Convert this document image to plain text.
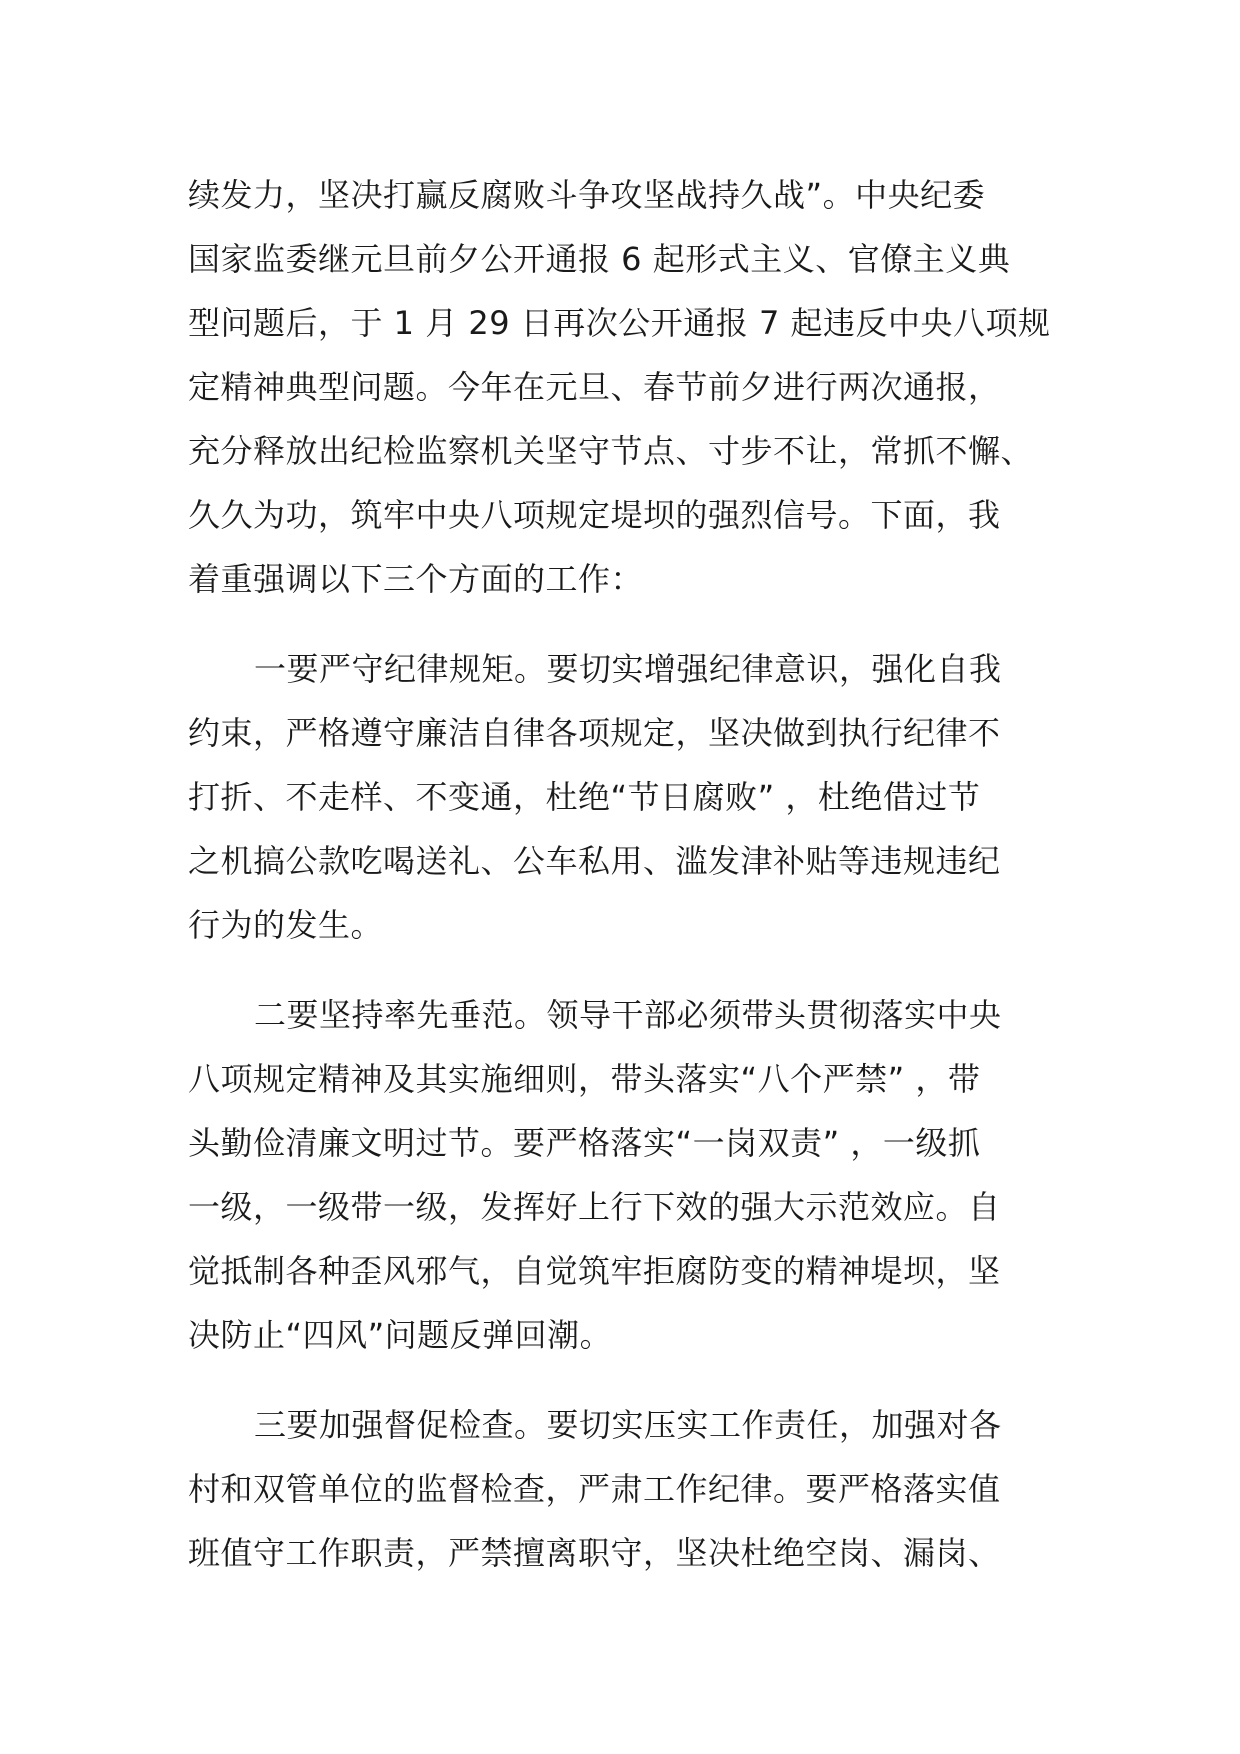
续发力，坚决打赢反腐败斗争攻坚战持久战”。中央纪委
国家监委继元旦前夕公开通报 6 起形式主义、官僚主义典
型问题后，于 1 月 29 日再次公开通报 7 起违反中央八项规
定精神典型问题。今年在元旦、春节前夕进行两次通报，
充分释放出纪检监察机关坚守节点、寸步不让，常抓不懈、
久久为功，筑牢中央八项规定堤坝的强烈信号。下面，我
着重强调以下三个方面的工作：
一要严守纪律规矩。要切实增强纪律意识，强化自我
约束，严格遵守廉洁自律各项规定，坚决做到执行纪律不
打折、不走样、不变通，杜绝“节日腐败” ，杜绝借过节
之机搞公款吃喝送礼、公车私用、滥发津补贴等违规违纪
行为的发生。
二要坚持率先垂范。领导干部必须带头贯彻落实中央
八项规定精神及其实施细则，带头落实“八个严禁” ，带
头勤俭清廉文明过节。要严格落实“一岗双责” ，一级抓
一级，一级带一级，发挥好上行下效的强大示范效应。自
觉抵制各种歪风邪气，自觉筑牢拒腐防变的精神堤坝，坚
决防止“四风”问题反弹回潮。
三要加强督促检查。要切实压实工作责任，加强对各
村和双管单位的监督检查，严肃工作纪律。要严格落实值
班值守工作职责，严禁擅离职守，坚决杜绝空岗、漏岗、
